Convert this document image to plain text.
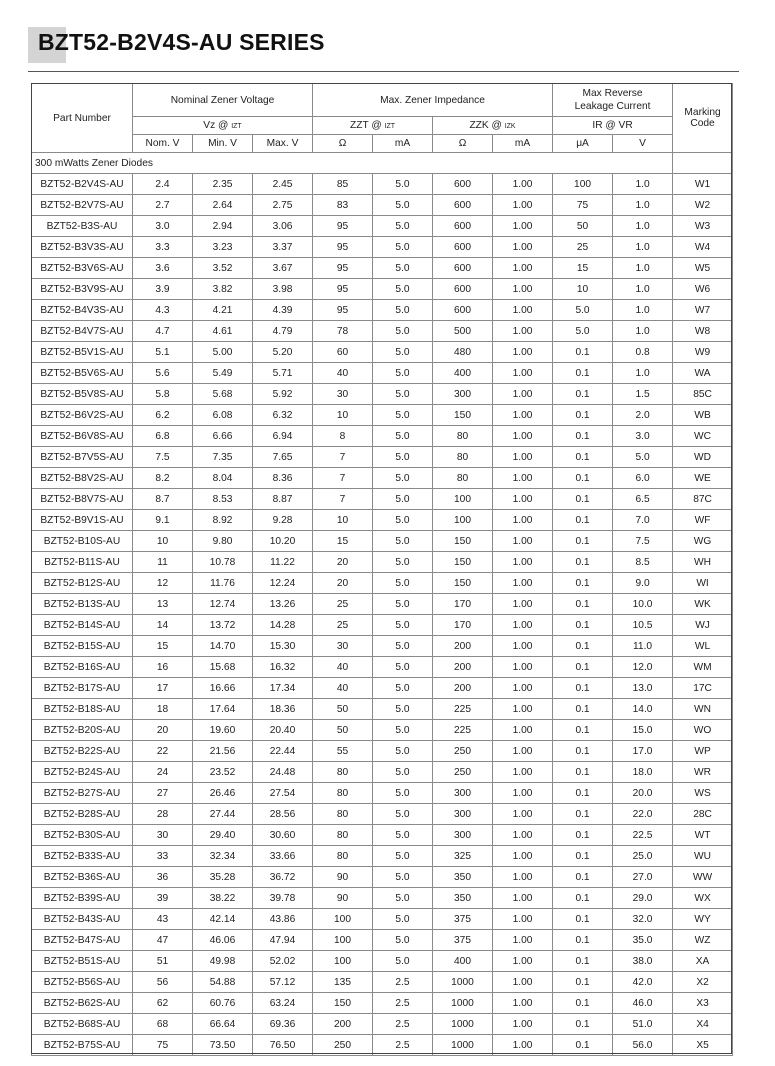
BZT52-B2V4S-AU SERIES
Part Number	Nominal Zener Voltage			Max. Zener Impedance				Max Reverse
Leakage Current		Marking
Code
	Vz @ IZT			ZZT @ IZT		ZZK @ IZK		IR @ VR		
	Nom. V	Min. V	Max. V	Ω	mA	Ω	mA	μA	V	
300 mWatts Zener Diodes										
BZT52-B2V4S-AU	2.4	2.35	2.45	85	5.0	600	1.00	100	1.0	W1
BZT52-B2V7S-AU	2.7	2.64	2.75	83	5.0	600	1.00	75	1.0	W2
BZT52-B3S-AU	3.0	2.94	3.06	95	5.0	600	1.00	50	1.0	W3
BZT52-B3V3S-AU	3.3	3.23	3.37	95	5.0	600	1.00	25	1.0	W4
BZT52-B3V6S-AU	3.6	3.52	3.67	95	5.0	600	1.00	15	1.0	W5
BZT52-B3V9S-AU	3.9	3.82	3.98	95	5.0	600	1.00	10	1.0	W6
BZT52-B4V3S-AU	4.3	4.21	4.39	95	5.0	600	1.00	5.0	1.0	W7
BZT52-B4V7S-AU	4.7	4.61	4.79	78	5.0	500	1.00	5.0	1.0	W8
BZT52-B5V1S-AU	5.1	5.00	5.20	60	5.0	480	1.00	0.1	0.8	W9
BZT52-B5V6S-AU	5.6	5.49	5.71	40	5.0	400	1.00	0.1	1.0	WA
BZT52-B5V8S-AU	5.8	5.68	5.92	30	5.0	300	1.00	0.1	1.5	85C
BZT52-B6V2S-AU	6.2	6.08	6.32	10	5.0	150	1.00	0.1	2.0	WB
BZT52-B6V8S-AU	6.8	6.66	6.94	8	5.0	80	1.00	0.1	3.0	WC
BZT52-B7V5S-AU	7.5	7.35	7.65	7	5.0	80	1.00	0.1	5.0	WD
BZT52-B8V2S-AU	8.2	8.04	8.36	7	5.0	80	1.00	0.1	6.0	WE
BZT52-B8V7S-AU	8.7	8.53	8.87	7	5.0	100	1.00	0.1	6.5	87C
BZT52-B9V1S-AU	9.1	8.92	9.28	10	5.0	100	1.00	0.1	7.0	WF
BZT52-B10S-AU	10	9.80	10.20	15	5.0	150	1.00	0.1	7.5	WG
BZT52-B11S-AU	11	10.78	11.22	20	5.0	150	1.00	0.1	8.5	WH
BZT52-B12S-AU	12	11.76	12.24	20	5.0	150	1.00	0.1	9.0	WI
BZT52-B13S-AU	13	12.74	13.26	25	5.0	170	1.00	0.1	10.0	WK
BZT52-B14S-AU	14	13.72	14.28	25	5.0	170	1.00	0.1	10.5	WJ
BZT52-B15S-AU	15	14.70	15.30	30	5.0	200	1.00	0.1	11.0	WL
BZT52-B16S-AU	16	15.68	16.32	40	5.0	200	1.00	0.1	12.0	WM
BZT52-B17S-AU	17	16.66	17.34	40	5.0	200	1.00	0.1	13.0	17C
BZT52-B18S-AU	18	17.64	18.36	50	5.0	225	1.00	0.1	14.0	WN
BZT52-B20S-AU	20	19.60	20.40	50	5.0	225	1.00	0.1	15.0	WO
BZT52-B22S-AU	22	21.56	22.44	55	5.0	250	1.00	0.1	17.0	WP
BZT52-B24S-AU	24	23.52	24.48	80	5.0	250	1.00	0.1	18.0	WR
BZT52-B27S-AU	27	26.46	27.54	80	5.0	300	1.00	0.1	20.0	WS
BZT52-B28S-AU	28	27.44	28.56	80	5.0	300	1.00	0.1	22.0	28C
BZT52-B30S-AU	30	29.40	30.60	80	5.0	300	1.00	0.1	22.5	WT
BZT52-B33S-AU	33	32.34	33.66	80	5.0	325	1.00	0.1	25.0	WU
BZT52-B36S-AU	36	35.28	36.72	90	5.0	350	1.00	0.1	27.0	WW
BZT52-B39S-AU	39	38.22	39.78	90	5.0	350	1.00	0.1	29.0	WX
BZT52-B43S-AU	43	42.14	43.86	100	5.0	375	1.00	0.1	32.0	WY
BZT52-B47S-AU	47	46.06	47.94	100	5.0	375	1.00	0.1	35.0	WZ
BZT52-B51S-AU	51	49.98	52.02	100	5.0	400	1.00	0.1	38.0	XA
BZT52-B56S-AU	56	54.88	57.12	135	2.5	1000	1.00	0.1	42.0	X2
BZT52-B62S-AU	62	60.76	63.24	150	2.5	1000	1.00	0.1	46.0	X3
BZT52-B68S-AU	68	66.64	69.36	200	2.5	1000	1.00	0.1	51.0	X4
BZT52-B75S-AU	75	73.50	76.50	250	2.5	1000	1.00	0.1	56.0	X5
